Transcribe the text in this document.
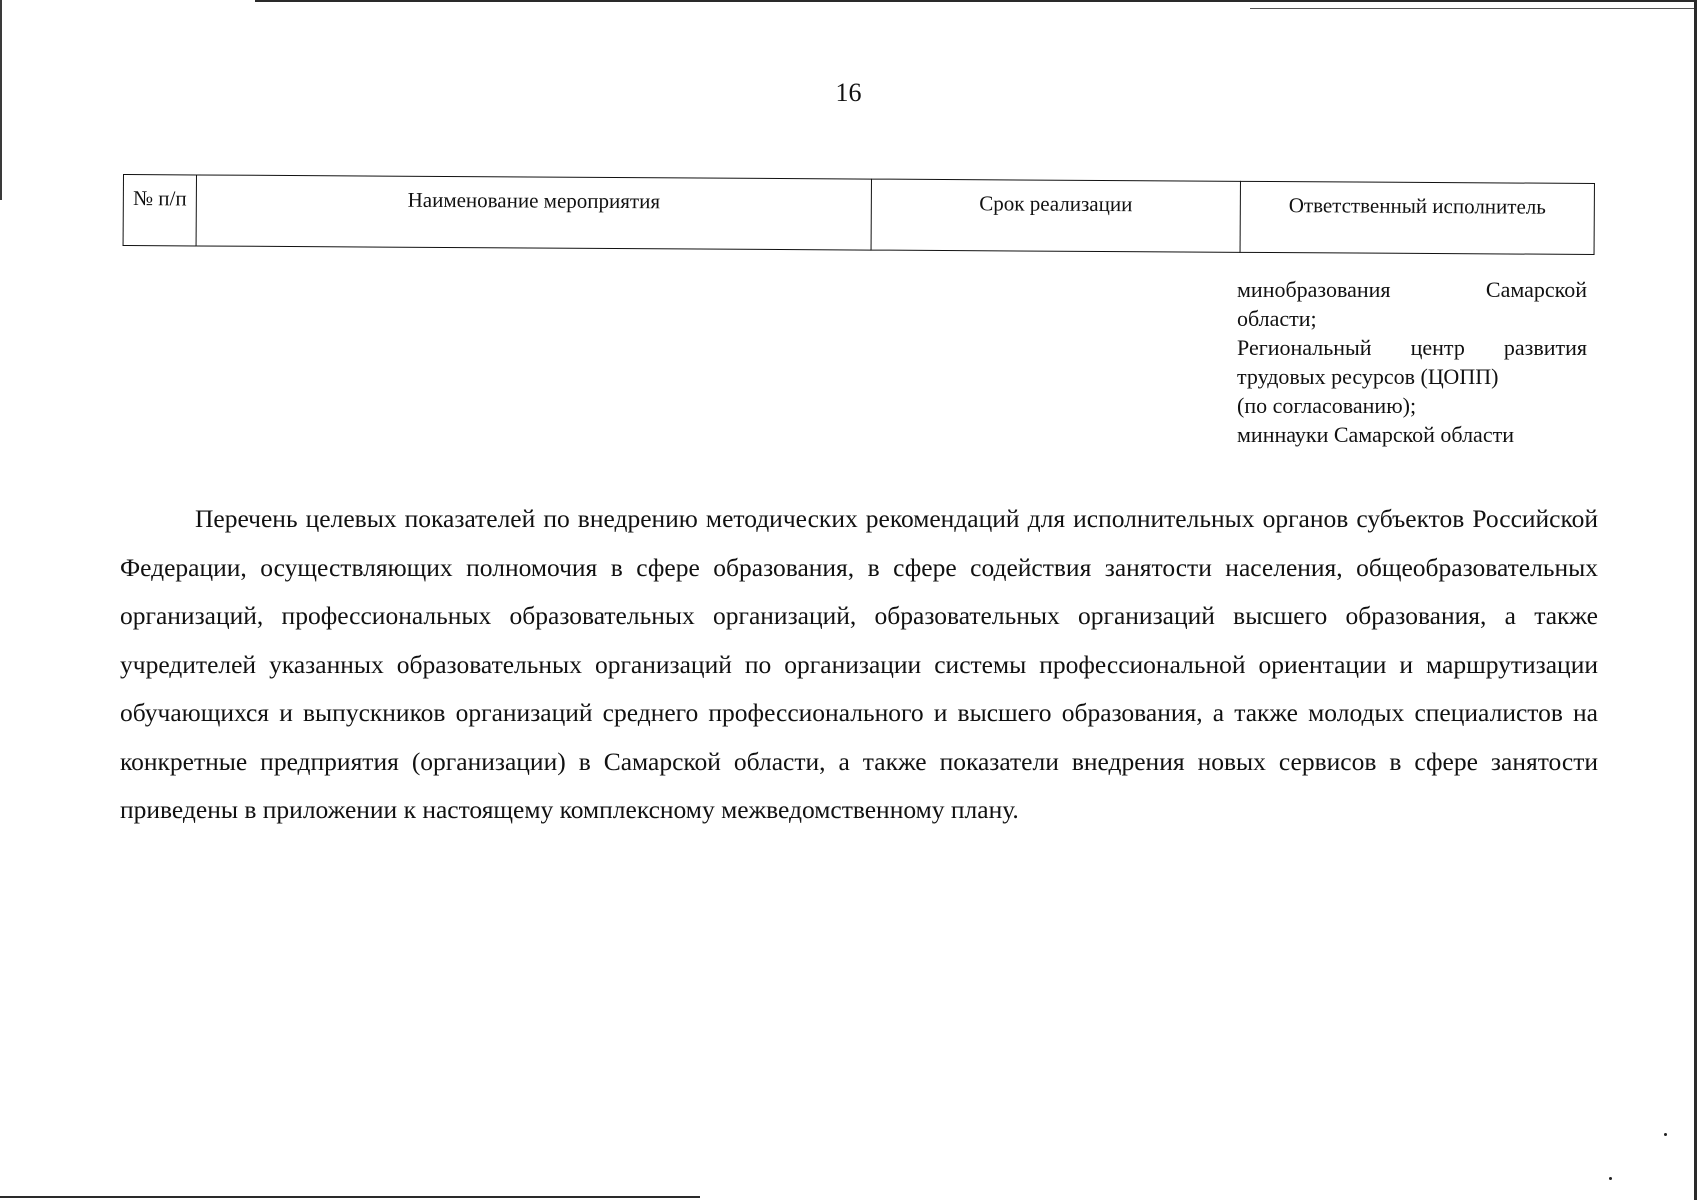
16
№ п/п	Наименование мероприятия	Срок реализации	Ответственный исполнитель
минобразования Самарской
области;
Региональный центр развития
трудовых ресурсов (ЦОПП)
(по согласованию);
миннауки Самарской области

Перечень целевых показателей по внедрению методических рекомендаций для исполнительных органов субъектов Российской Федерации, осуществляющих полномочия в сфере образования, в сфере содействия занятости населения, общеобразовательных организаций, профессиональных образовательных организаций, образовательных организаций высшего образования, а также учредителей указанных образовательных организаций по организации системы профессиональной ориентации и маршрутизации обучающихся и выпускников организаций среднего профессионального и высшего образования, а также молодых специалистов на конкретные предприятия (организации) в Самарской области, а также показатели внедрения новых сервисов в сфере занятости приведены в приложении к настоящему комплексному межведомственному плану.
